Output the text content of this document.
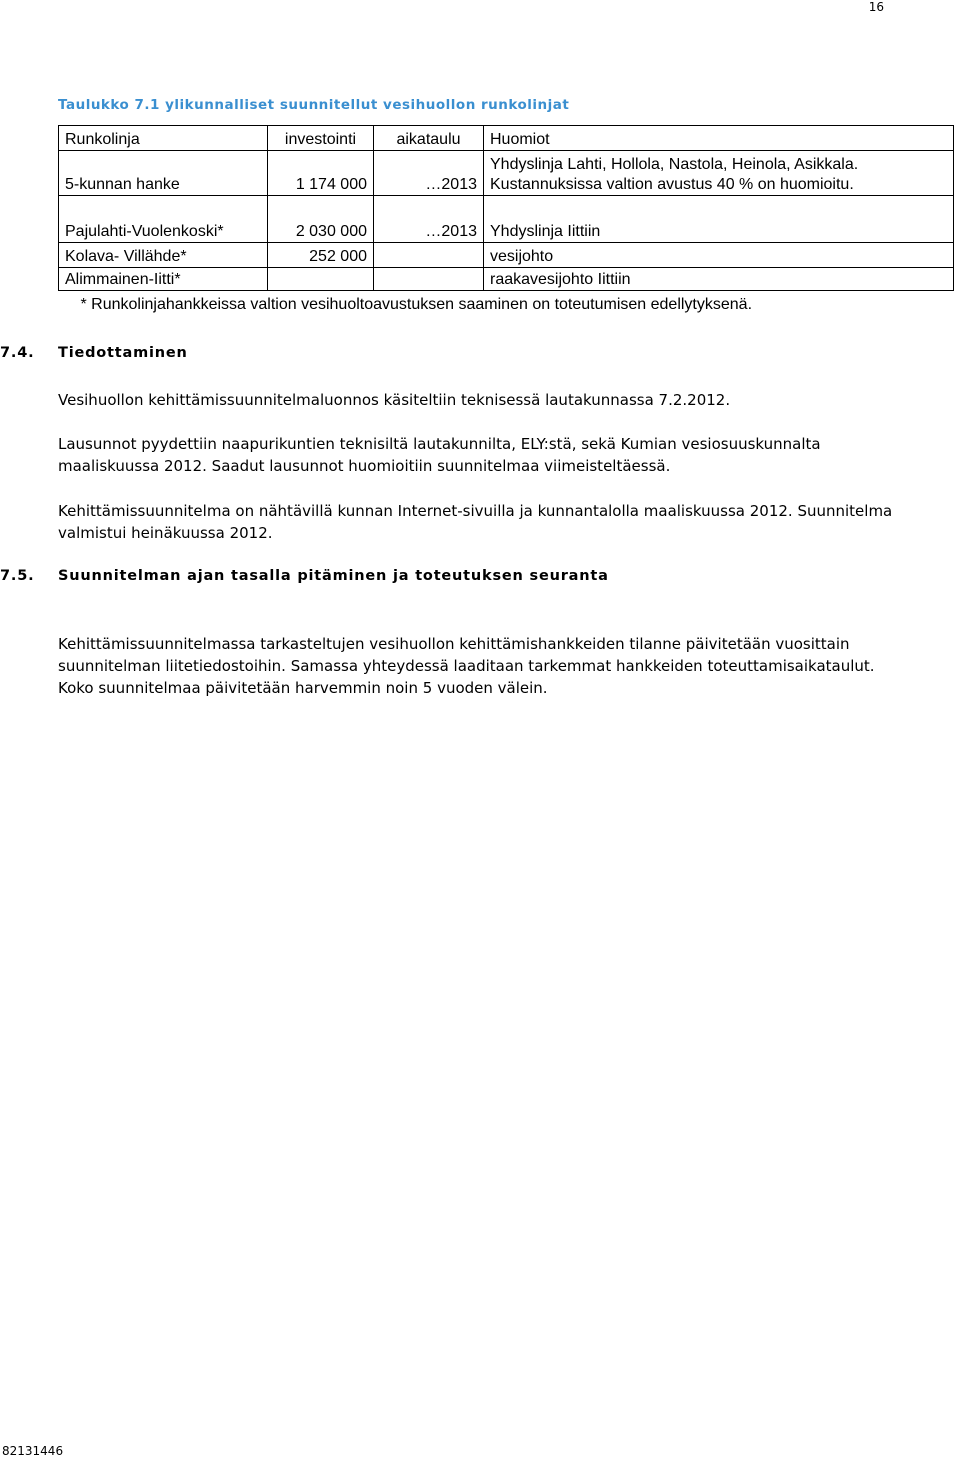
16
Taulukko 7.1 ylikunnalliset suunnitellut vesihuollon runkolinjat
Runkolinja	investointi	aikataulu	Huomiot
5-kunnan hanke	1 174 000	…2013	Yhdyslinja Lahti, Hollola, Nastola, Heinola, Asikkala.
Kustannuksissa valtion avustus 40 % on huomioitu.

Pajulahti-Vuolenkoski*	2 030 000	…2013	Yhdyslinja Iittiin
Kolava- Villähde*	252 000		vesijohto
Alimmainen-Iitti*			raakavesijohto Iittiin
* Runkolinjahankkeissa valtion vesihuoltoavustuksen saaminen on toteutumisen edellytyksenä.			
7.4. Tiedottaminen

Vesihuollon kehittämissuunnitelmaluonnos käsiteltiin teknisessä lautakunnassa 7.2.2012.

Lausunnot pyydettiin naapurikuntien teknisiltä lautakunnilta, ELY:stä, sekä Kumian vesiosuuskunnalta maaliskuussa 2012. Saadut lausunnot huomioitiin suunnitelmaa viimeisteltäessä.

Kehittämissuunnitelma on nähtävillä kunnan Internet-sivuilla ja kunnantalolla maaliskuussa 2012. Suunnitelma valmistui heinäkuussa 2012.

7.5. Suunnitelman ajan tasalla pitäminen ja toteutuksen seuranta

Kehittämissuunnitelmassa tarkasteltujen vesihuollon kehittämishankkeiden tilanne päivitetään vuosittain suunnitelman liitetiedostoihin. Samassa yhteydessä laaditaan tarkemmat hankkeiden toteuttamisaikataulut. Koko suunnitelmaa päivitetään harvemmin noin 5 vuoden välein.

82131446
